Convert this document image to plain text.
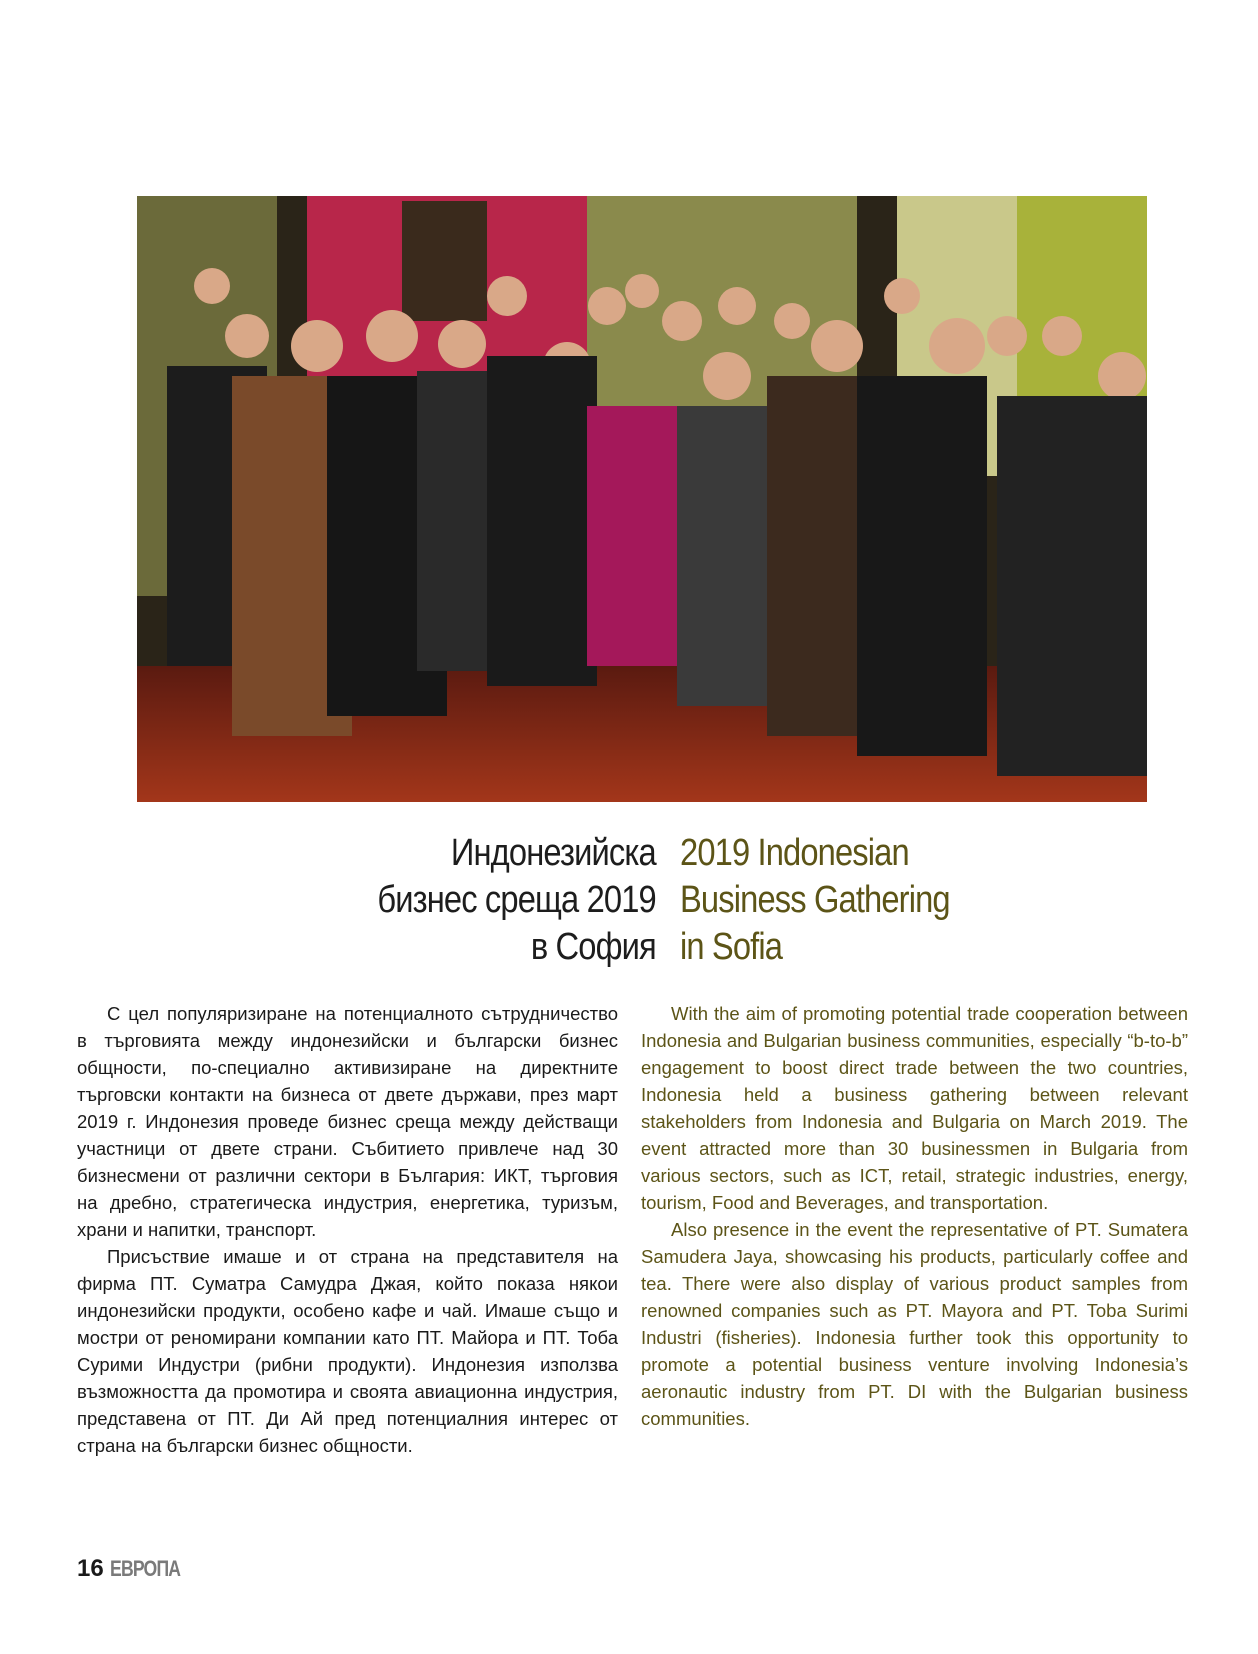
Индонезийска
бизнес среща 2019
в София
2019 Indonesian
Business Gathering
in Sofia

С цел популяризиране на потенциалното сътрудничество в търговията между индонезийски и български бизнес общности, по-специално активизиране на директните търговски контакти на бизнеса от двете държави, през март 2019 г. Индонезия проведе бизнес среща между действащи участници от двете страни. Събитието привлече над 30 бизнесмени от различни сектори в България: ИКТ, търговия на дребно, стратегическа индустрия, енергетика, туризъм, храни и напитки, транспорт.

Присъствие имаше и от страна на представителя на фирма ПТ. Суматра Самудра Джая, който показа някои индонезийски продукти, особено кафе и чай. Имаше също и мостри от реномирани компании като ПТ. Майора и ПТ. Тоба Сурими Индустри (рибни продукти). Индонезия използва възможността да промотира и своята авиационна индустрия, представена от ПТ. Ди Ай пред потенциалния интерес от страна на български бизнес общности.

With the aim of promoting potential trade cooperation between Indonesia and Bulgarian business communities, especially “b-to-b” engagement to boost direct trade between the two countries, Indonesia held a business gathering between relevant stakeholders from Indonesia and Bulgaria on March 2019. The event attracted more than 30 businessmen in Bulgaria from various sectors, such as ICT, retail, strategic industries, energy, tourism, Food and Beverages, and transportation.

Also presence in the event the representative of PT. Sumatera Samudera Jaya, showcasing his products, particularly coffee and tea. There were also display of various product samples from renowned companies such as PT. Mayora and PT. Toba Surimi Industri (fisheries). Indonesia further took this opportunity to promote a potential business venture involving Indonesia’s aeronautic industry from PT. DI with the Bulgarian business communities.

16 ЕВРОПА
